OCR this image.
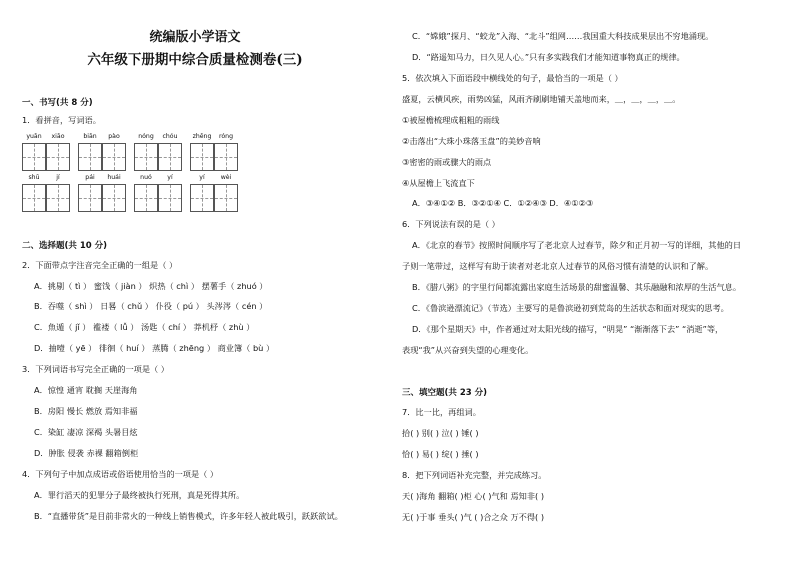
统编版小学语文
六年级下册期中综合质量检测卷(三)
一、书写(共 8 分)
1．看拼音，写词语。
yuān	xiāo	biān	pào	nóng	chóu	zhēng	róng
shū	jí	pái	huái	nuó	yí	yí	wèi
二、选择题(共 10 分)
2．下面带点字注音完全正确的一组是（ ）
A．挑剔（ tì ） 蜜饯（ jiàn ） 炽热（ chì ） 摆薯手（ zhuó ）
B．吞噬（ shì ） 日晷（ chǔ ） 仆役（ pú ） 头涔涔（ cén ）
C．魚遁（ jǐ ） 褴褛（ lǚ ） 汤匙（ chí ） 莽机杼（ zhù ）
D．抽噎（ yē ） 徘徊（ huí ） 蒸腾（ zhēng ） 商业簿（ bù ）
3．下列词语书写完全正确的一项是（ ）
A．惊惶 通宵 耽搁 天崖海角
B．房阳 慢长 燃放 焉知非福
C．染缸 凄凉 深褐 头暑目炫
D．肿胀 侵袭 赤裸 翻箱倒柜
4．下列句子中加点成语或俗语使用恰当的一项是（ ）
A．罪行滔天的犯罪分子最终被执行死刑，真是死得其所。
B．“直播带货”是目前非常火的一种线上销售模式，许多年轻人被此吸引，跃跃欲试。
C．“嫦娥”探月、“蛟龙”入海、“北斗”组网……我国重大科技成果层出不穷地涌现。
D．“路遥知马力，日久见人心。”只有多实践我们才能知道事物真正的规律。
5．依次填入下面语段中横线处的句子，最恰当的一项是（ ）
盛夏，云横风疾，雨势凶猛，风雨齐刷刷地铺天盖地而来，＿，＿，＿，＿。
①被屋檐梳理成粗粗的雨线
②击落出“大珠小珠落玉盘”的美妙音响
③密密的雨或骤大的雨点
④从屋檐上飞流直下
A．③④①② B．③②①④ C．①②④③ D．④①②③
6．下列说法有误的是（ ）
A．《北京的春节》按照时间顺序写了老北京人过春节，除夕和正月初一写的详细，其他的日
子则一笔带过，这样写有助于读者对老北京人过春节的风俗习惯有清楚的认识和了解。
B．《腊八粥》的字里行间都流露出家庭生活场景的甜蜜温馨、其乐融融和浓厚的生活气息。
C．《鲁滨逊漂流记》（节选）主要写的是鲁滨逊初到荒岛的生活状态和面对现实的思考。
D．《那个星期天》中，作者通过对太阳光线的描写，“明晃” “渐渐落下去” “消逝”等，
表现“我”从兴奋到失望的心理变化。
三、填空题(共 23 分)
7．比一比，再组词。
拾( ) 别( ) 泣( ) 锤( )
恰( ) 易( ) 绽( ) 捶( )
8．把下列词语补充完整，并完成练习。
天( )海角 翻箱( )柜 心( )气和 焉知非( )
无( )于事 垂头( )气 ( )合之众 万不得( )
